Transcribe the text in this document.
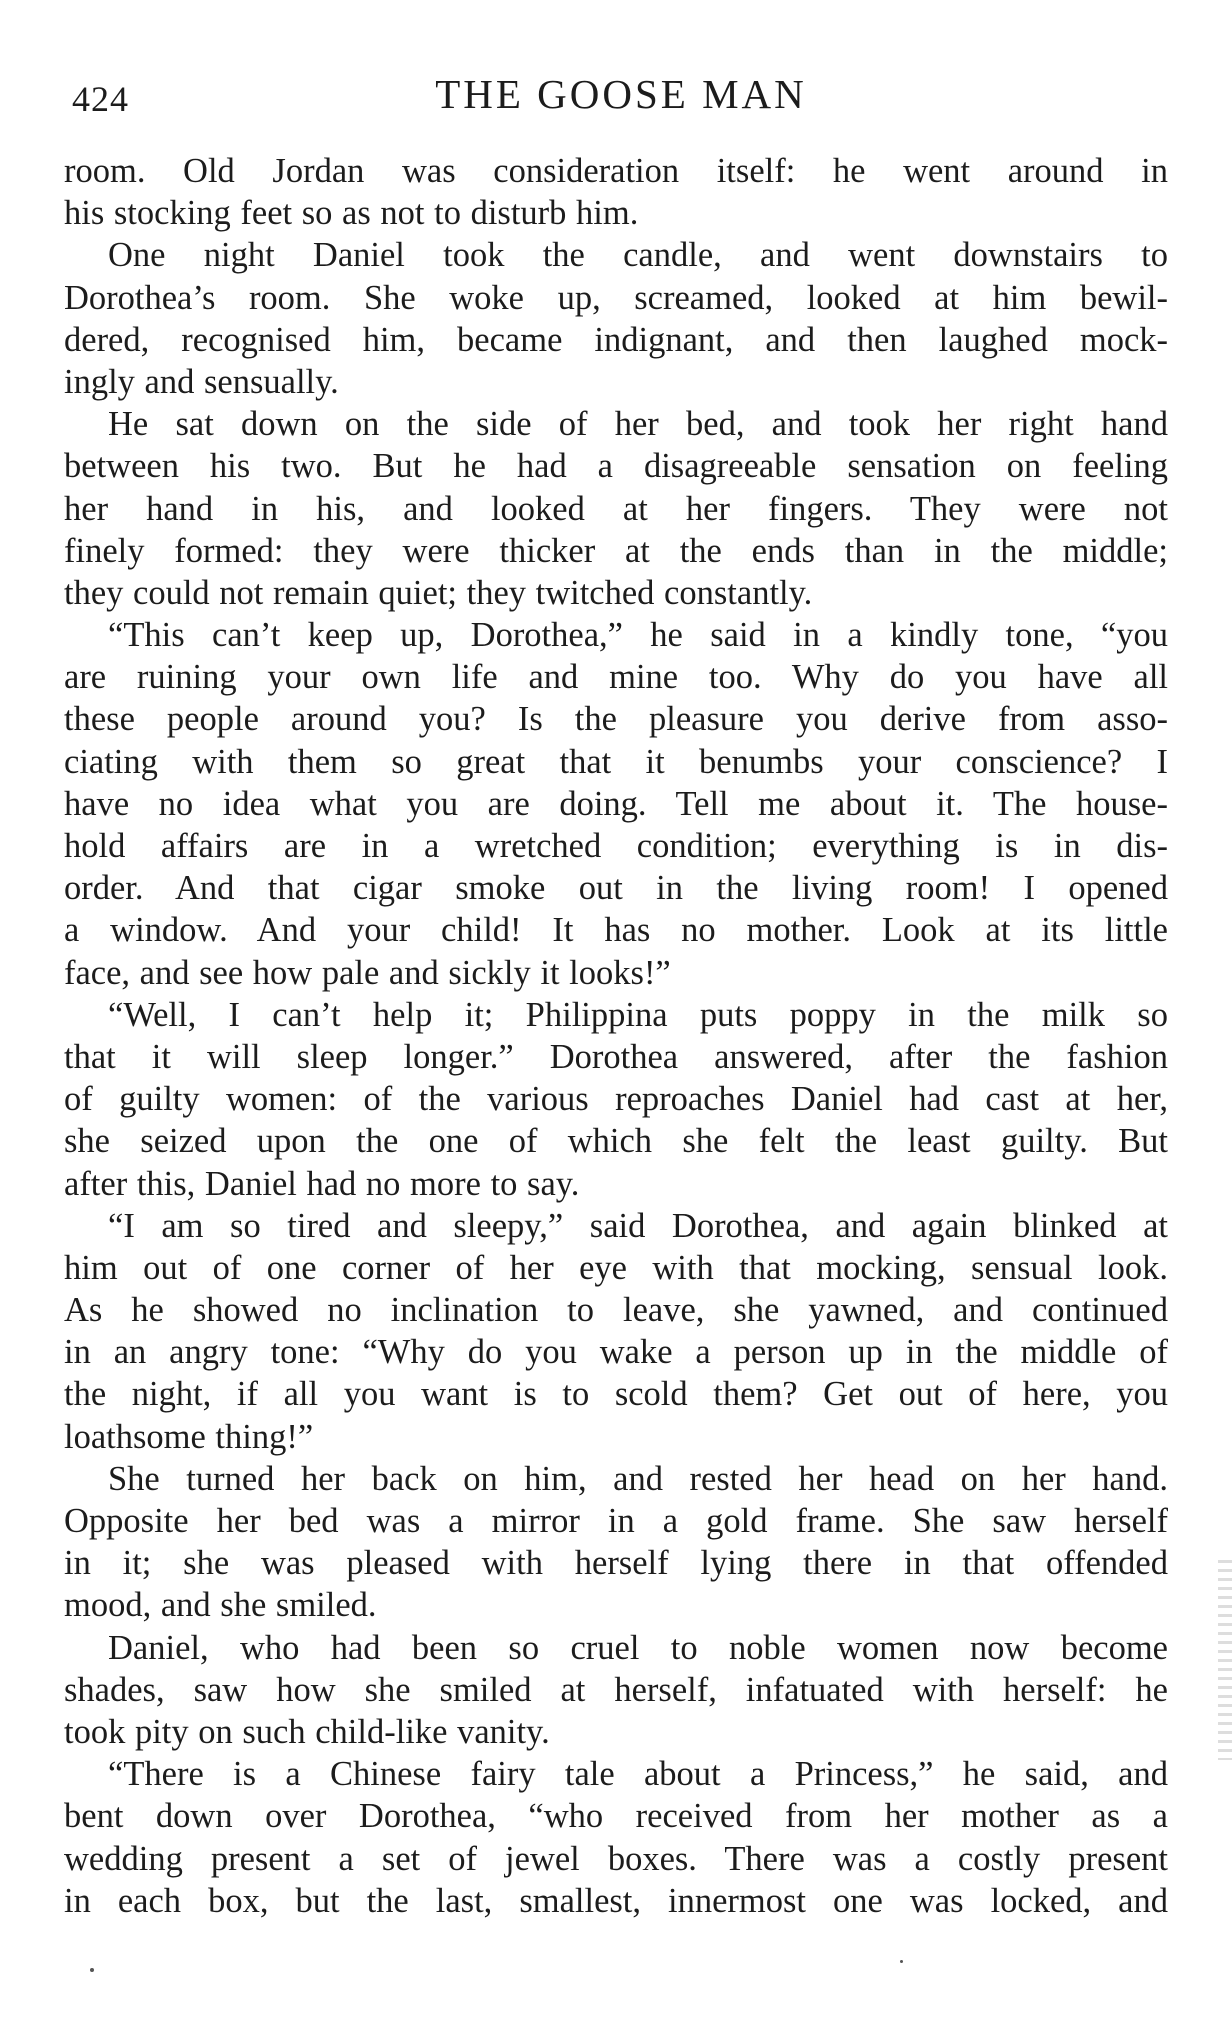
424	THE GOOSE MAN
room. Old Jordan was consideration itself: he went around in
his stocking feet so as not to disturb him.
One night Daniel took the candle, and went downstairs to
Dorothea’s room. She woke up, screamed, looked at him bewil-
dered, recognised him, became indignant, and then laughed mock-
ingly and sensually.
He sat down on the side of her bed, and took her right hand
between his two. But he had a disagreeable sensation on feeling
her hand in his, and looked at her fingers. They were not
finely formed: they were thicker at the ends than in the middle;
they could not remain quiet; they twitched constantly.
“This can’t keep up, Dorothea,” he said in a kindly tone, “you
are ruining your own life and mine too. Why do you have all
these people around you? Is the pleasure you derive from asso-
ciating with them so great that it benumbs your conscience? I
have no idea what you are doing. Tell me about it. The house-
hold affairs are in a wretched condition; everything is in dis-
order. And that cigar smoke out in the living room! I opened
a window. And your child! It has no mother. Look at its little
face, and see how pale and sickly it looks!”
“Well, I can’t help it; Philippina puts poppy in the milk so
that it will sleep longer.” Dorothea answered, after the fashion
of guilty women: of the various reproaches Daniel had cast at her,
she seized upon the one of which she felt the least guilty. But
after this, Daniel had no more to say.
“I am so tired and sleepy,” said Dorothea, and again blinked at
him out of one corner of her eye with that mocking, sensual look.
As he showed no inclination to leave, she yawned, and continued
in an angry tone: “Why do you wake a person up in the middle of
the night, if all you want is to scold them? Get out of here, you
loathsome thing!”
She turned her back on him, and rested her head on her hand.
Opposite her bed was a mirror in a gold frame. She saw herself
in it; she was pleased with herself lying there in that offended
mood, and she smiled.
Daniel, who had been so cruel to noble women now become
shades, saw how she smiled at herself, infatuated with herself: he
took pity on such child-like vanity.
“There is a Chinese fairy tale about a Princess,” he said, and
bent down over Dorothea, “who received from her mother as a
wedding present a set of jewel boxes. There was a costly present
in each box, but the last, smallest, innermost one was locked, and
